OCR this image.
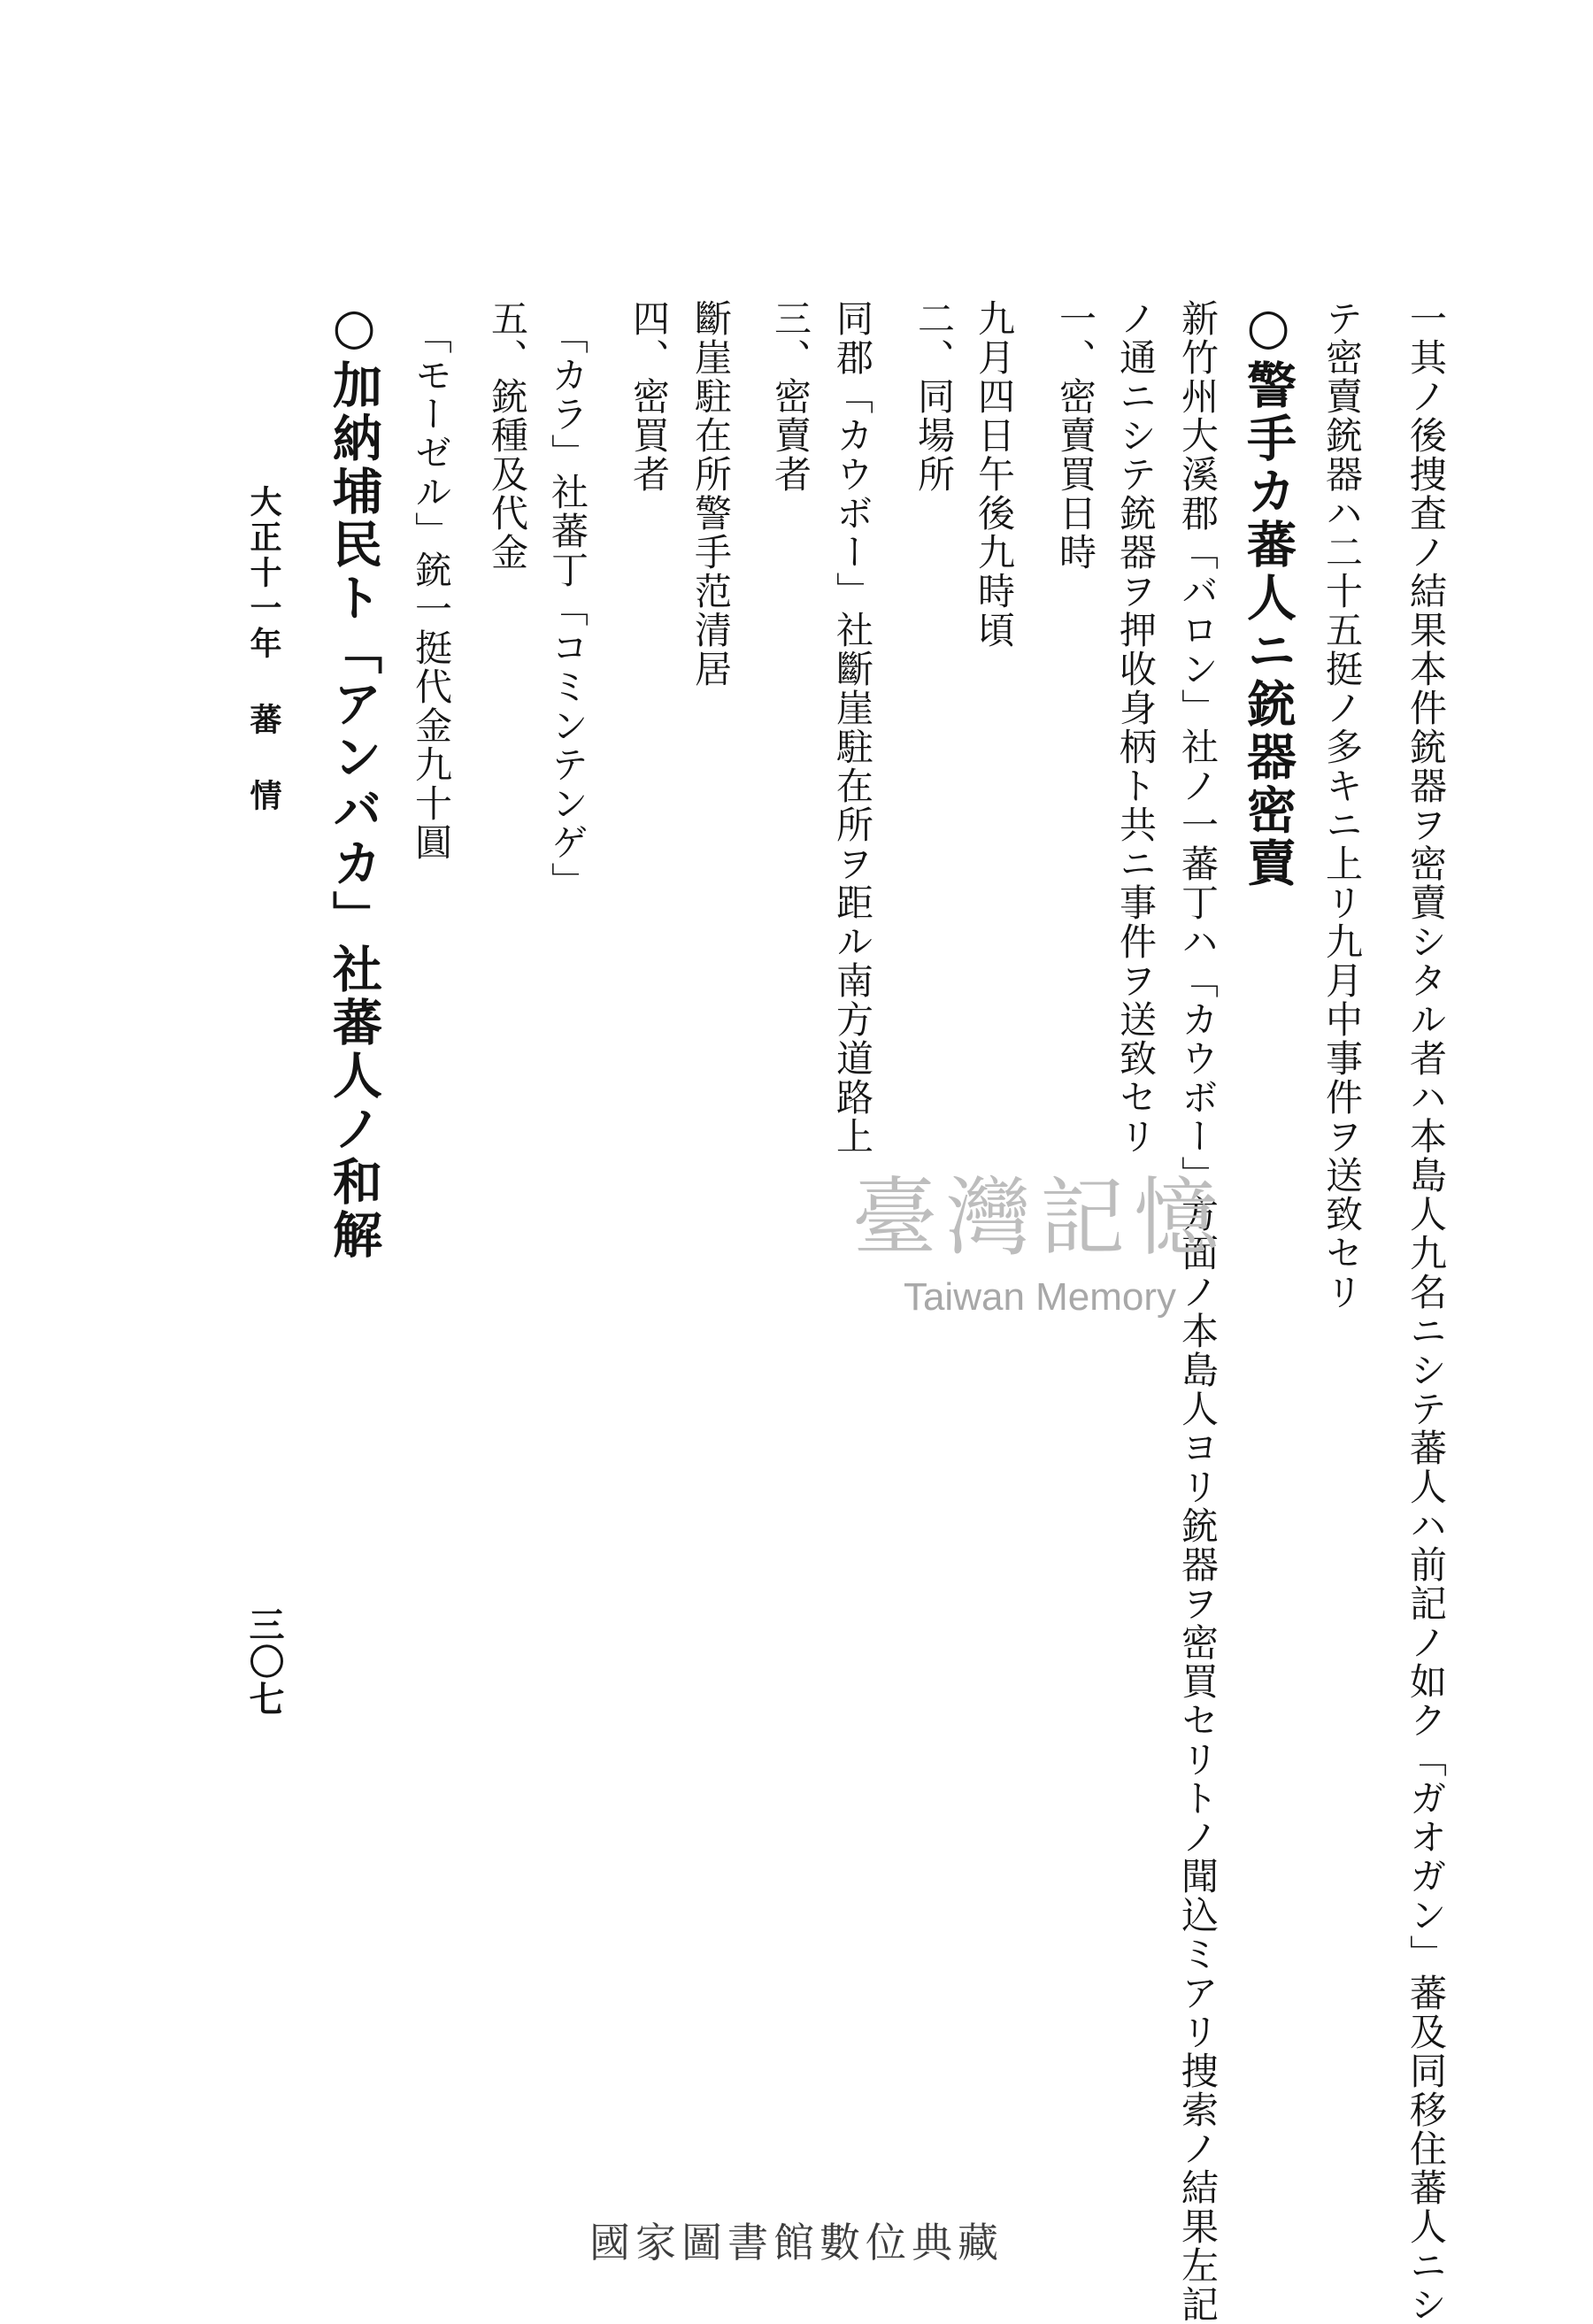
一其ノ後捜査ノ結果本件銃器ヲ密賣シタル者ハ本島人九名ニシテ蕃人ハ前記ノ如ク「ガオガン」蕃及同移住蕃人ニシ
テ密賣銃器ハ二十五挺ノ多キニ上リ九月中事件ヲ送致セリ
○警手カ蕃人ニ銃器密賣
新竹州大溪郡「バロン」社ノ一蕃丁ハ「カウボー」方面ノ本島人ヨリ銃器ヲ密買セリトノ聞込ミアリ捜索ノ結果左記
ノ通ニシテ銃器ヲ押收身柄ト共ニ事件ヲ送致セリ
一、密賣買日時
九月四日午後九時頃
二、同場所
同郡「カウボー」社斷崖駐在所ヲ距ル南方道路上
三、密賣者
斷崖駐在所警手范清居
四、密買者
「カラ」社蕃丁「コミンテンゲ」
五、銃種及代金
「モーゼル」銃一挺代金九十圓
○加納埔民ト「アンバカ」社蕃人ノ和解
大正十一年 蕃 情
三〇七
臺灣記憶
Taiwan Memory
國家圖書館數位典藏
